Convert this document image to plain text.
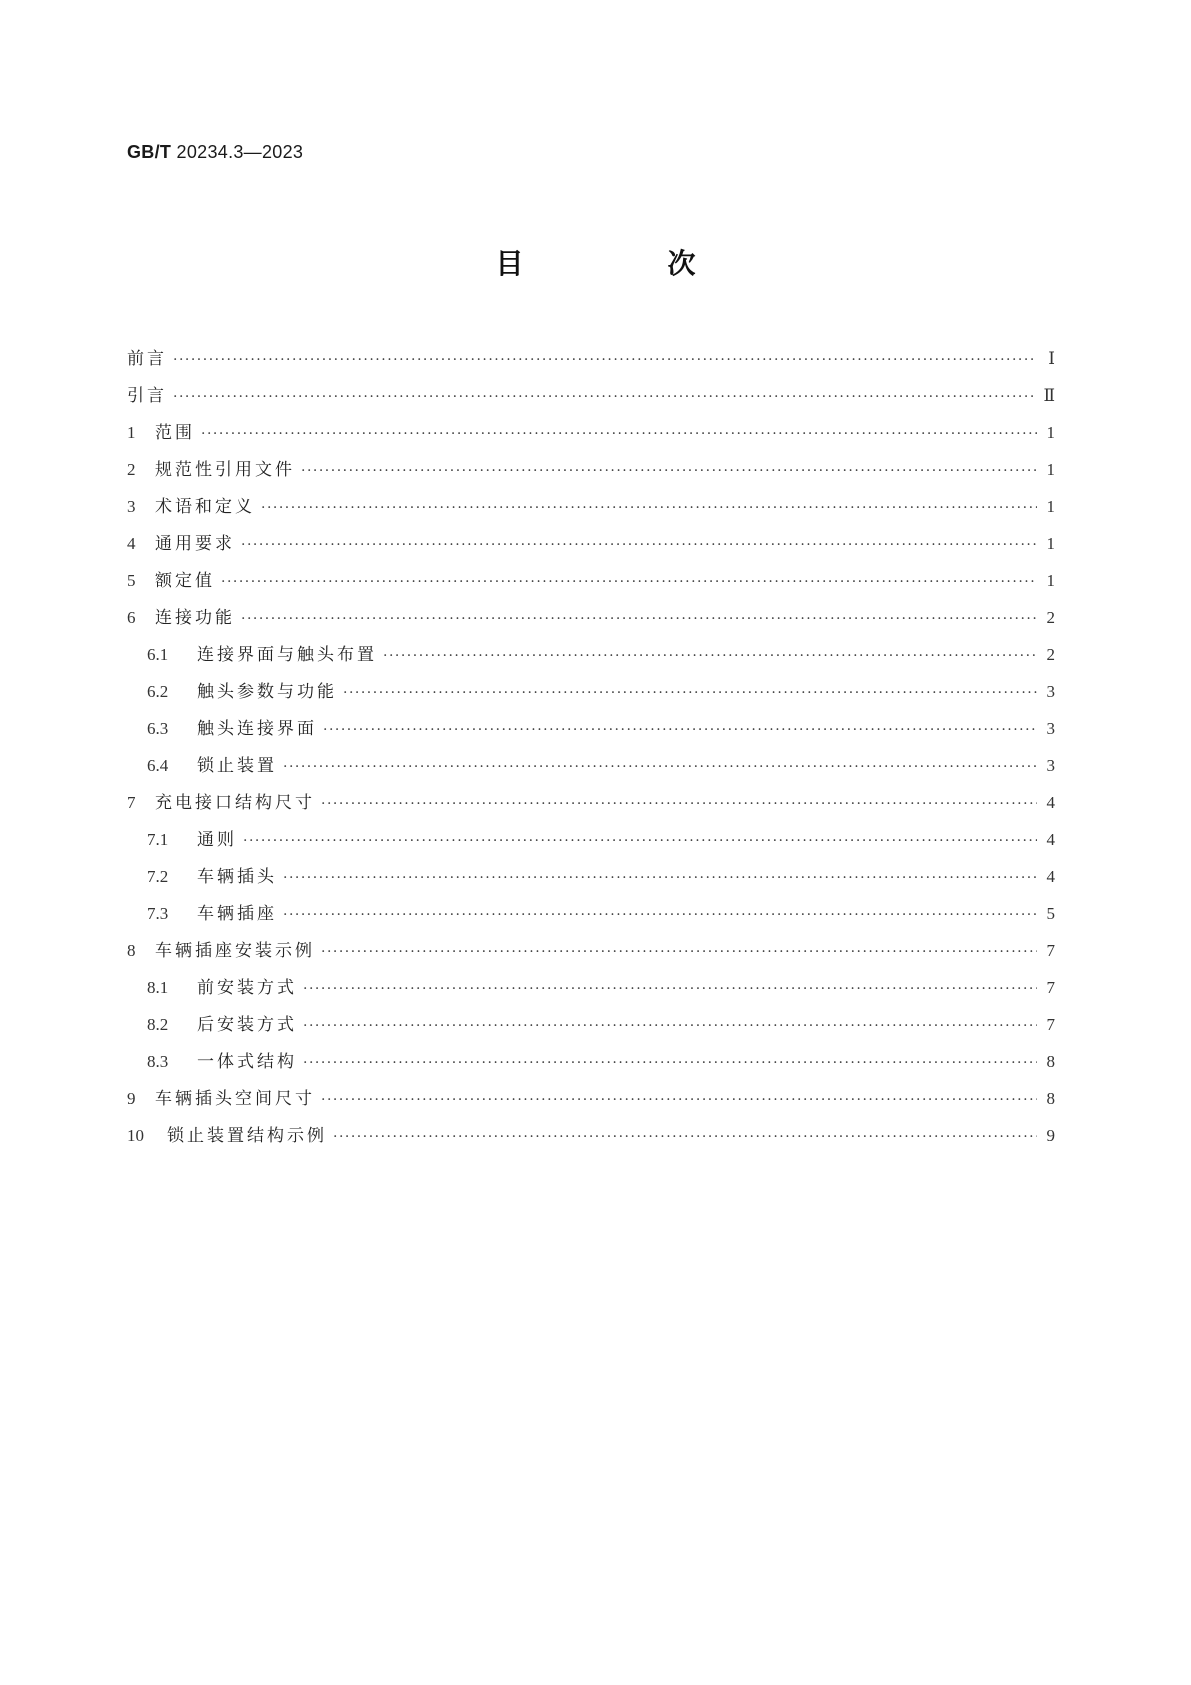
GB/T 20234.3—2023
目　次
前言 ·····	Ⅰ
引言 ·····	Ⅱ
1	范围 ·····	1
2	规范性引用文件 ·····	1
3	术语和定义 ·····	1
4	通用要求 ·····	1
5	额定值 ·····	1
6	连接功能 ·····	2
6.1	连接界面与触头布置 ·····	2
6.2	触头参数与功能 ·····	3
6.3	触头连接界面 ·····	3
6.4	锁止装置 ·····	3
7	充电接口结构尺寸 ·····	4
7.1	通则 ·····	4
7.2	车辆插头 ·····	4
7.3	车辆插座 ·····	5
8	车辆插座安装示例 ·····	7
8.1	前安装方式 ·····	7
8.2	后安装方式 ·····	7
8.3	一体式结构 ·····	8
9	车辆插头空间尺寸 ·····	8
10	锁止装置结构示例 ·····	9
